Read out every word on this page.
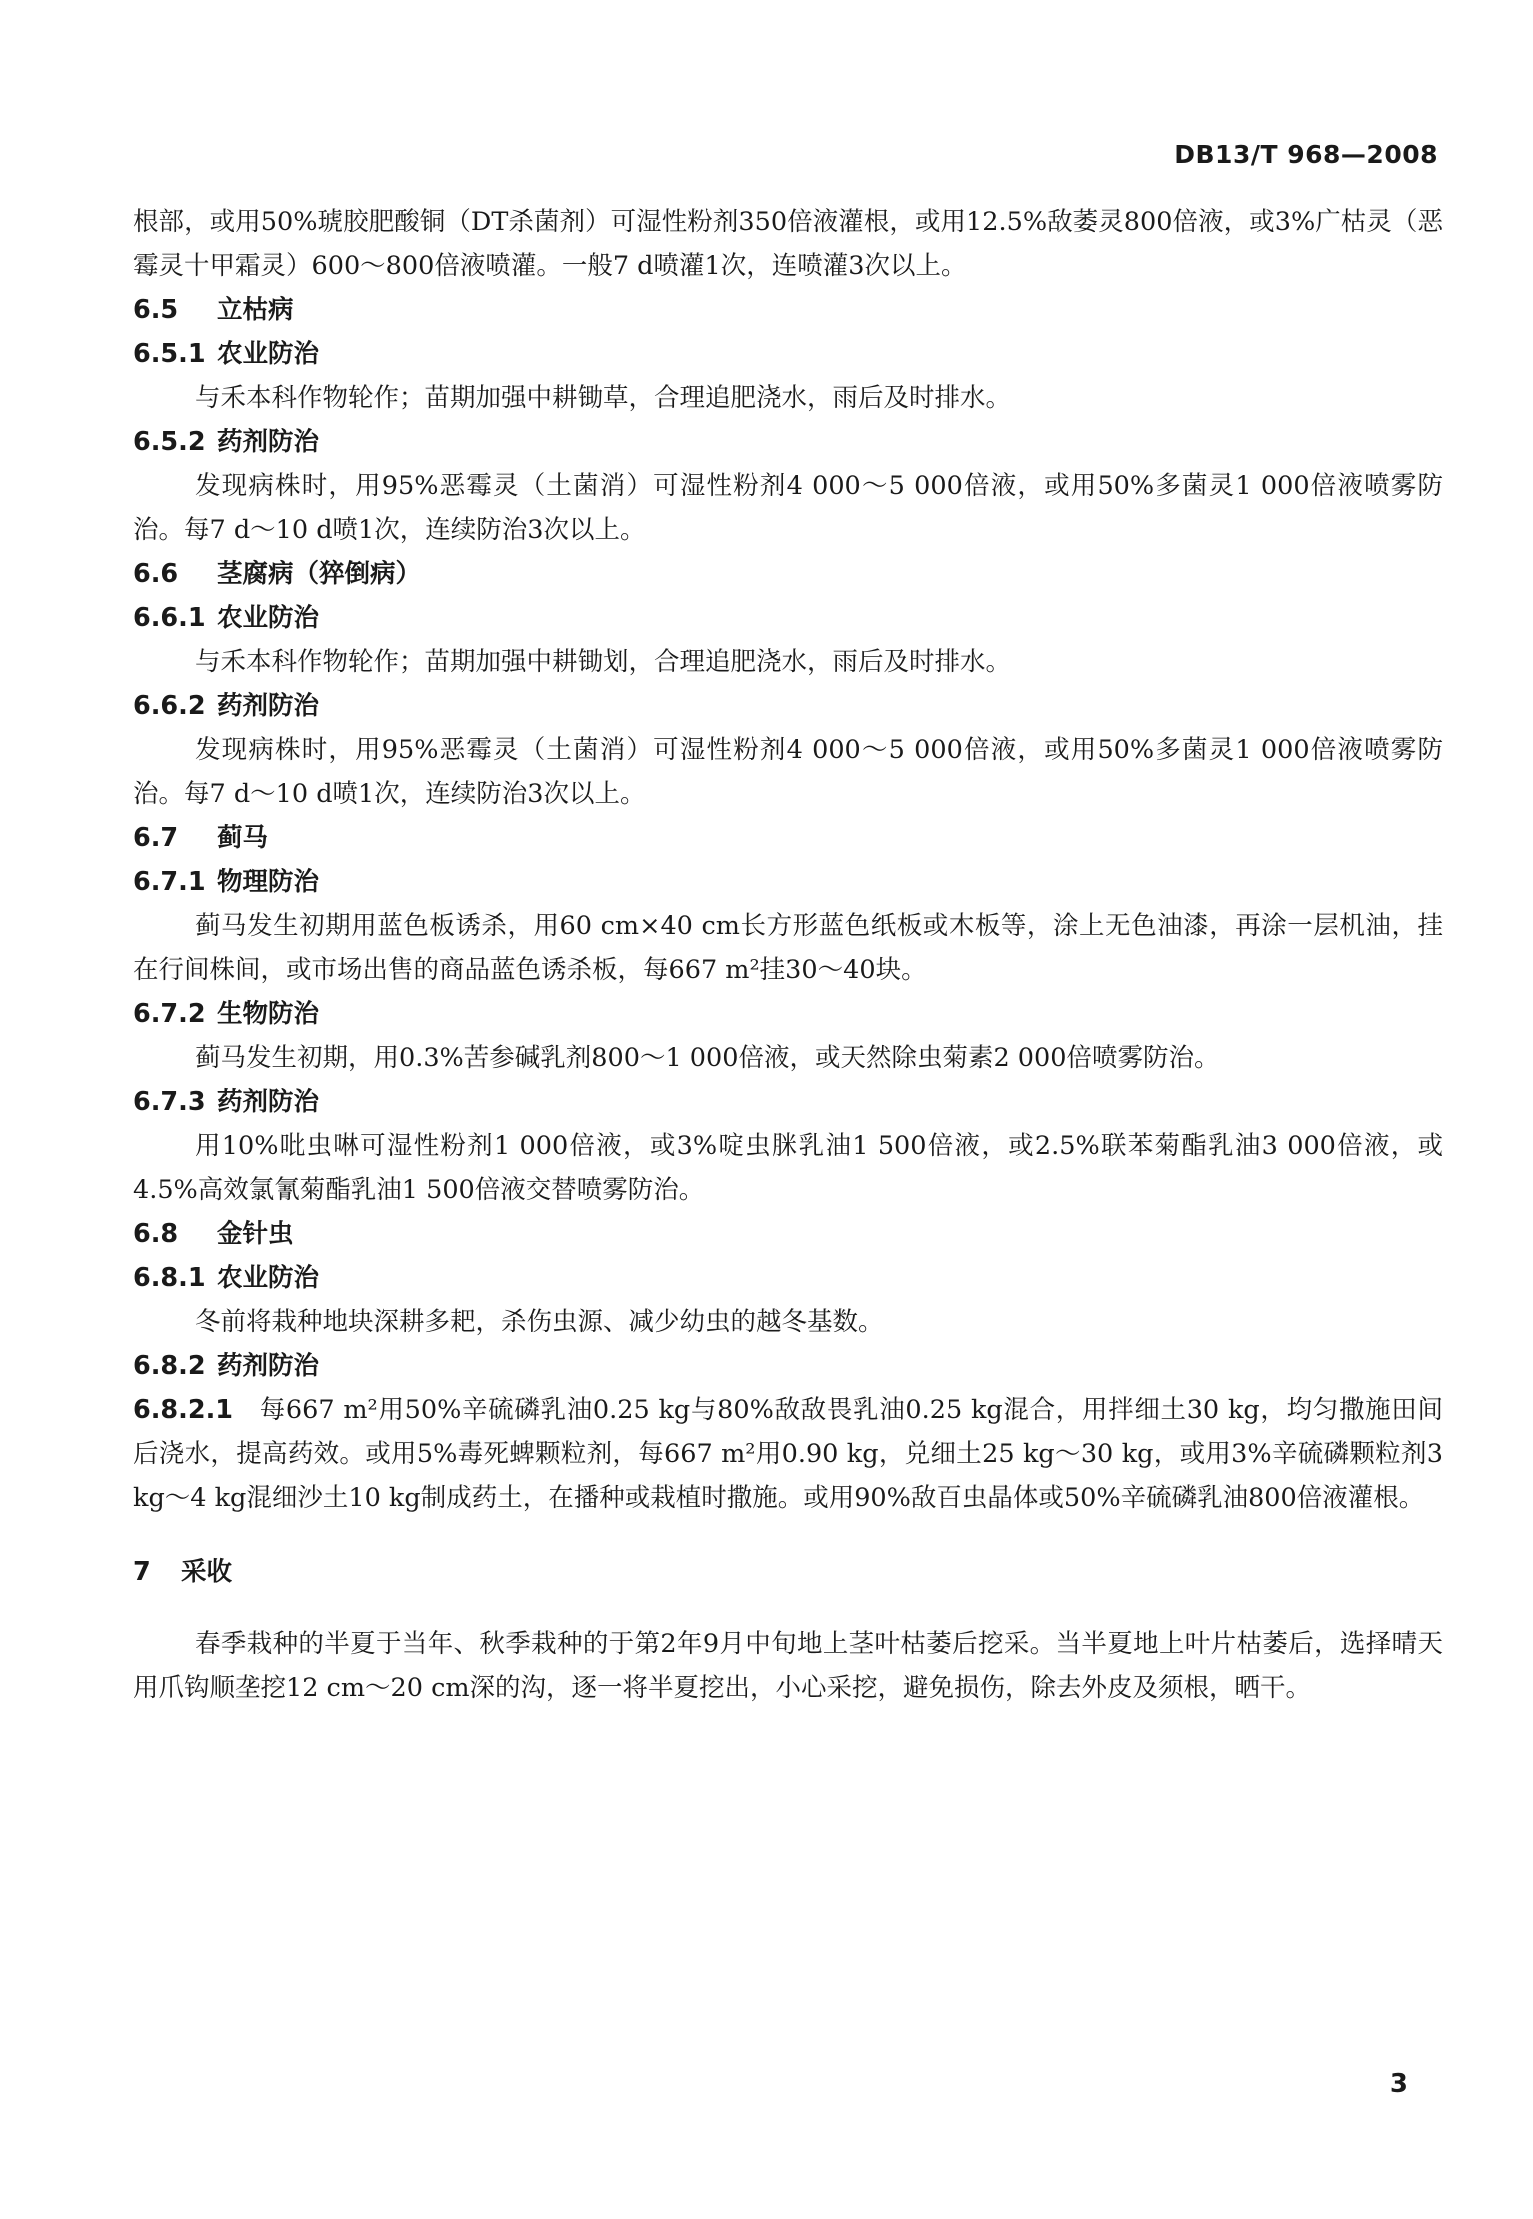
DB13/T 968—2008

根部，或用50%琥胶肥酸铜（DT杀菌剂）可湿性粉剂350倍液灌根，或用12.5%敌萎灵800倍液，或3%广枯灵（恶霉灵十甲霜灵）600～800倍液喷灌。一般7 d喷灌1次，连喷灌3次以上。

6.5 立枯病
6.5.1 农业防治

与禾本科作物轮作；苗期加强中耕锄草，合理追肥浇水，雨后及时排水。

6.5.2 药剂防治

发现病株时，用95%恶霉灵（土菌消）可湿性粉剂4 000～5 000倍液，或用50%多菌灵1 000倍液喷雾防治。每7 d～10 d喷1次，连续防治3次以上。

6.6 茎腐病（猝倒病）
6.6.1 农业防治

与禾本科作物轮作；苗期加强中耕锄划，合理追肥浇水，雨后及时排水。

6.6.2 药剂防治

发现病株时，用95%恶霉灵（土菌消）可湿性粉剂4 000～5 000倍液，或用50%多菌灵1 000倍液喷雾防治。每7 d～10 d喷1次，连续防治3次以上。

6.7 蓟马
6.7.1 物理防治

蓟马发生初期用蓝色板诱杀，用60 cm×40 cm长方形蓝色纸板或木板等，涂上无色油漆，再涂一层机油，挂在行间株间，或市场出售的商品蓝色诱杀板，每667 m²挂30～40块。

6.7.2 生物防治

蓟马发生初期，用0.3%苦参碱乳剂800～1 000倍液，或天然除虫菊素2 000倍喷雾防治。

6.7.3 药剂防治

用10%吡虫啉可湿性粉剂1 000倍液，或3%啶虫脒乳油1 500倍液，或2.5%联苯菊酯乳油3 000倍液，或4.5%高效氯氰菊酯乳油1 500倍液交替喷雾防治。

6.8 金针虫
6.8.1 农业防治

冬前将栽种地块深耕多耙，杀伤虫源、减少幼虫的越冬基数。

6.8.2 药剂防治

6.8.2.1 每667 m²用50%辛硫磷乳油0.25 kg与80%敌敌畏乳油0.25 kg混合，用拌细土30 kg，均匀撒施田间后浇水，提高药效。或用5%毒死蜱颗粒剂，每667 m²用0.90 kg，兑细土25 kg～30 kg，或用3%辛硫磷颗粒剂3 kg～4 kg混细沙土10 kg制成药土，在播种或栽植时撒施。或用90%敌百虫晶体或50%辛硫磷乳油800倍液灌根。

7 采收

春季栽种的半夏于当年、秋季栽种的于第2年9月中旬地上茎叶枯萎后挖采。当半夏地上叶片枯萎后，选择晴天用爪钩顺垄挖12 cm～20 cm深的沟，逐一将半夏挖出，小心采挖，避免损伤，除去外皮及须根，晒干。

3
